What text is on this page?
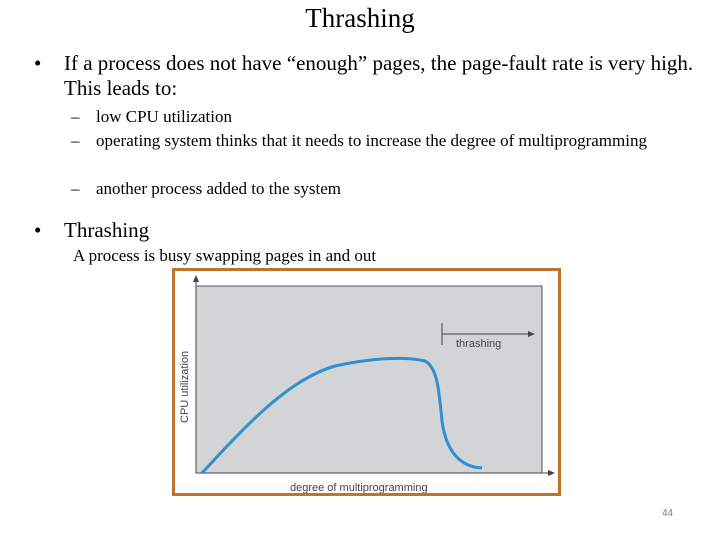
Thrashing
• If a process does not have “enough” pages, the page-fault rate is very high. This leads to:
– low CPU utilization
– operating system thinks that it needs to increase the degree of multiprogramming
– another process added to the system
• Thrashing
A process is busy swapping pages in and out
thrashing
CPU utilization
degree of multiprogramming
44
